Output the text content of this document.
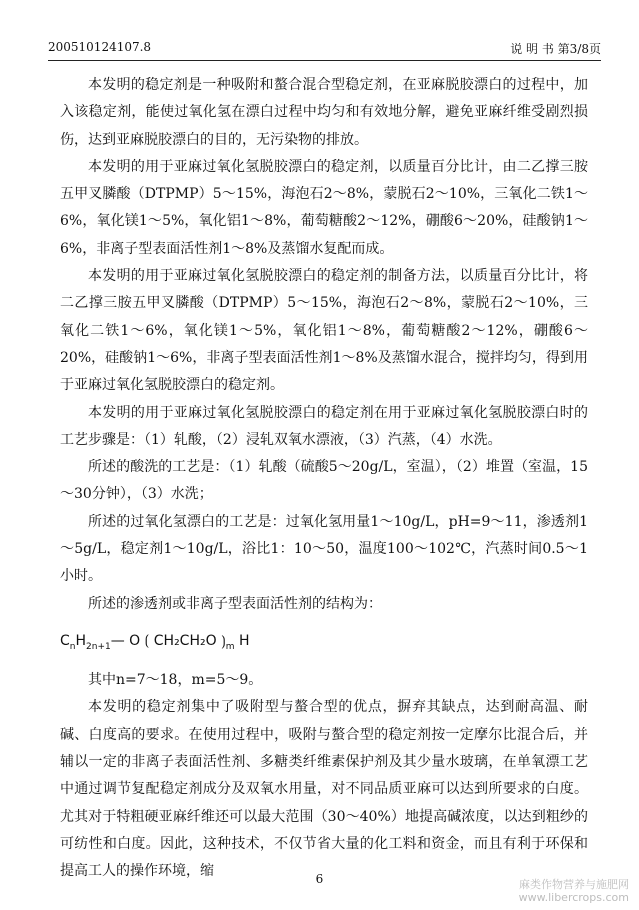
200510124107.8	说 明 书 第3/8页

本发明的稳定剂是一种吸附和螯合混合型稳定剂，在亚麻脱胶漂白的过程中，加入该稳定剂，能使过氧化氢在漂白过程中均匀和有效地分解，避免亚麻纤维受剧烈损伤，达到亚麻脱胶漂白的目的，无污染物的排放。

本发明的用于亚麻过氧化氢脱胶漂白的稳定剂，以质量百分比计，由二乙撑三胺五甲叉膦酸（DTPMP）5～15%，海泡石2～8%，蒙脱石2～10%，三氧化二铁1～6%，氧化镁1～5%，氧化铝1～8%，葡萄糖酸2～12%，硼酸6～20%，硅酸钠1～6%，非离子型表面活性剂1～8%及蒸馏水复配而成。

本发明的用于亚麻过氧化氢脱胶漂白的稳定剂的制备方法，以质量百分比计，将二乙撑三胺五甲叉膦酸（DTPMP）5～15%，海泡石2～8%，蒙脱石2～10%，三氧化二铁1～6%，氧化镁1～5%，氧化铝1～8%，葡萄糖酸2～12%，硼酸6～20%，硅酸钠1～6%，非离子型表面活性剂1～8%及蒸馏水混合，搅拌均匀，得到用于亚麻过氧化氢脱胶漂白的稳定剂。

本发明的用于亚麻过氧化氢脱胶漂白的稳定剂在用于亚麻过氧化氢脱胶漂白时的工艺步骤是：（1）轧酸，（2）浸轧双氧水漂液，（3）汽蒸，（4）水洗。

所述的酸洗的工艺是：（1）轧酸（硫酸5～20g/L，室温），（2）堆置（室温，15～30分钟），（3）水洗；

所述的过氧化氢漂白的工艺是：过氧化氢用量1～10g/L，pH=9～11，渗透剂1～5g/L，稳定剂1～10g/L，浴比1：10～50，温度100～102℃，汽蒸时间0.5～1小时。

所述的渗透剂或非离子型表面活性剂的结构为：

$C_nH_{2n+1}—$ O ⟮ CH₂CH₂O $⟯_m$ H

其中n=7～18，m=5～9。

本发明的稳定剂集中了吸附型与螯合型的优点，摒弃其缺点，达到耐高温、耐碱、白度高的要求。在使用过程中，吸附与螯合型的稳定剂按一定摩尔比混合后，并辅以一定的非离子表面活性剂、多糖类纤维素保护剂及其少量水玻璃，在单氧漂工艺中通过调节复配稳定剂成分及双氧水用量，对不同品质亚麻可以达到所要求的白度。尤其对于特粗硬亚麻纤维还可以最大范围（30～40%）地提高碱浓度，以达到粗纱的可纺性和白度。因此，这种技术，不仅节省大量的化工料和资金，而且有利于环保和提高工人的操作环境，缩	6	麻类作物营养与施肥网
www.libercrops.com
